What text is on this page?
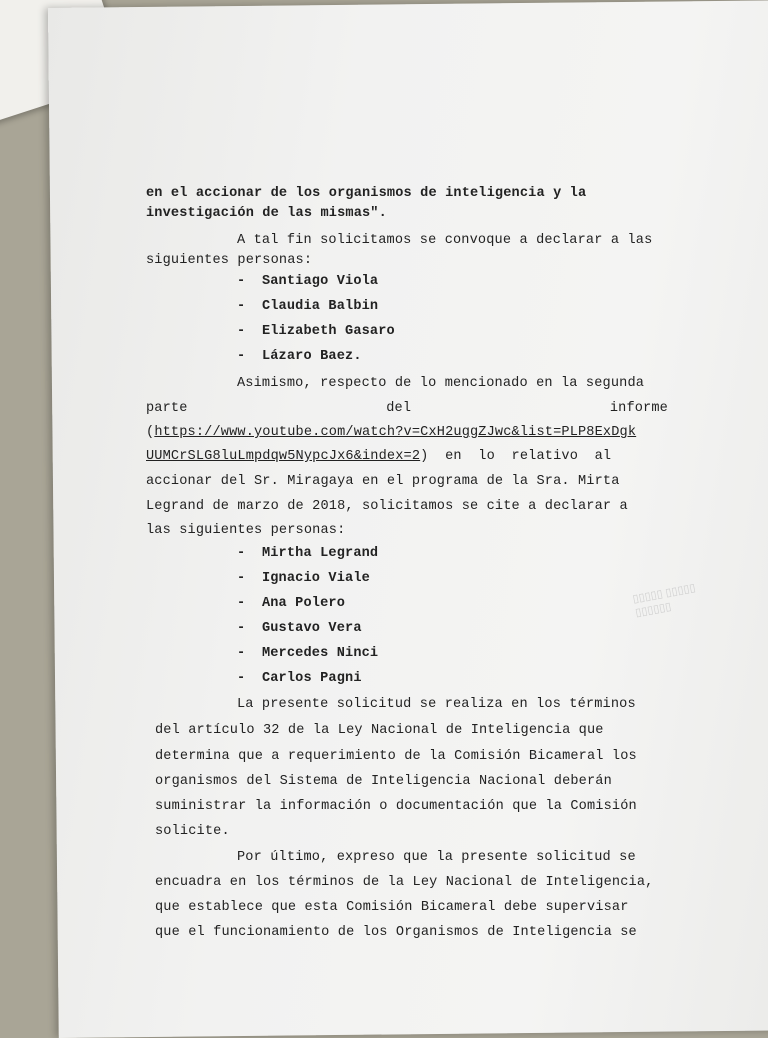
▯▯▯▯▯ ▯▯▯▯▯
▯▯▯▯▯▯
en el accionar de los organismos de inteligencia y la
investigación de las mismas".
A tal fin solicitamos se convoque a declarar a las
siguientes personas:
- Santiago Viola
- Claudia Balbin
- Elizabeth Gasaro
- Lázaro Baez.
Asimismo, respecto de lo mencionado en la segunda
parte	del	informe
(https://www.youtube.com/watch?v=CxH2uggZJwc&list=PLP8ExDgk
UUMCrSLG8luLmpdqw5NypcJx6&index=2)  en  lo  relativo  al
accionar del Sr. Miragaya en el programa de la Sra. Mirta
Legrand de marzo de 2018, solicitamos se cite a declarar a
las siguientes personas:
- Mirtha Legrand
- Ignacio Viale
- Ana Polero
- Gustavo Vera
- Mercedes Ninci
- Carlos Pagni
La presente solicitud se realiza en los términos
del artículo 32 de la Ley Nacional de Inteligencia que
determina que a requerimiento de la Comisión Bicameral los
organismos del Sistema de Inteligencia Nacional deberán
suministrar la información o documentación que la Comisión
solicite.
Por último, expreso que la presente solicitud se
encuadra en los términos de la Ley Nacional de Inteligencia,
que establece que esta Comisión Bicameral debe supervisar
que el funcionamiento de los Organismos de Inteligencia se
